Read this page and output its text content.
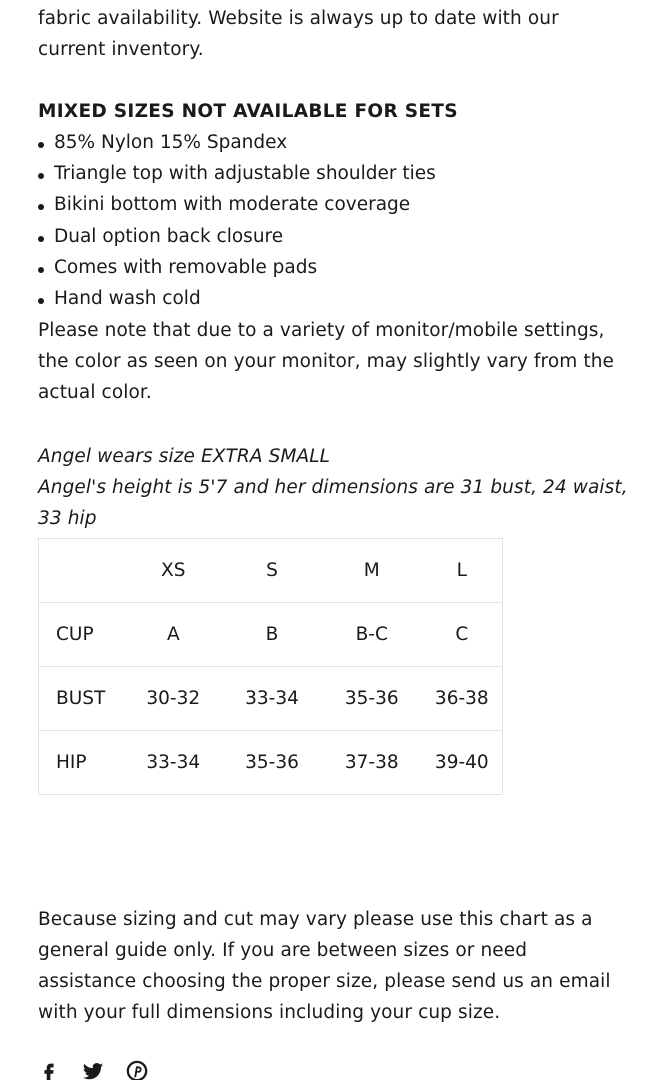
fabric availability. Website is always up to date with our
current inventory.
MIXED SIZES NOT AVAILABLE FOR SETS
85% Nylon 15% Spandex
Triangle top with adjustable shoulder ties
Bikini bottom with moderate coverage
Dual option back closure
Comes with removable pads
Hand wash cold
Please note that due to a variety of monitor/mobile settings,
the color as seen on your monitor, may slightly vary from the
actual color.
Angel wears size EXTRA SMALL
Angel's height is 5'7 and her dimensions are 31 bust, 24 waist,
33 hip
	XS	S	M	L
CUP	A	B	B-C	C
BUST	30-32	33-34	35-36	36-38
HIP	33-34	35-36	37-38	39-40
Because sizing and cut may vary please use this chart as a
general guide only. If you are between sizes or need
assistance choosing the proper size, please send us an email
with your full dimensions including your cup size.
